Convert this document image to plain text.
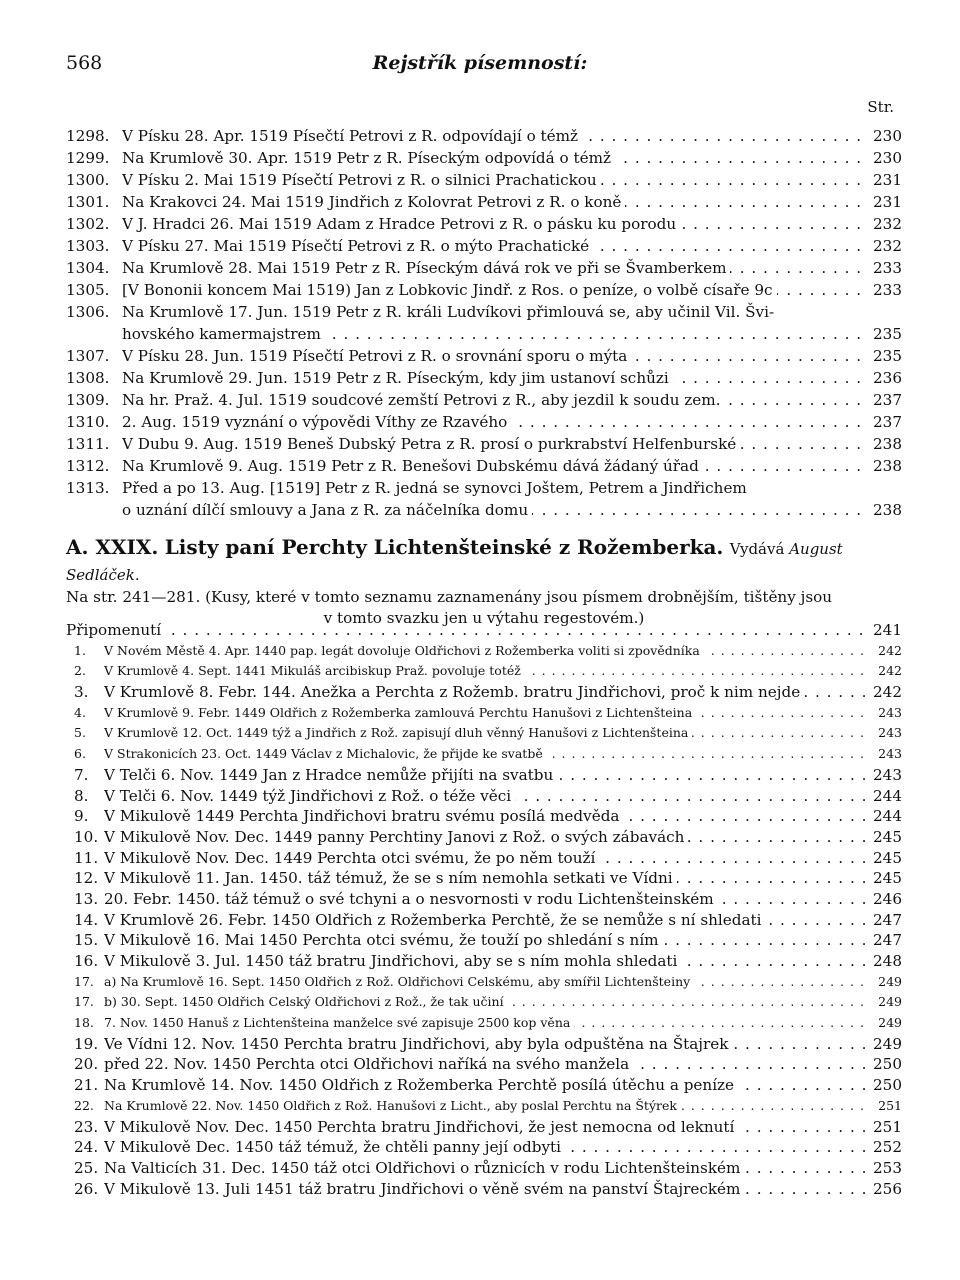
568	Rejstřík písemností:
Str.
1298. V Písku 28. Apr. 1519 Písečtí Petrovi z R. odpovídají o témž . . .	230
1299. Na Krumlově 30. Apr. 1519 Petr z R. Píseckým odpovídá o témž . . .	230
1300. V Písku 2. Mai 1519 Písečtí Petrovi z R. o silnici Prachatickou . . .	231
1301. Na Krakovci 24. Mai 1519 Jindřich z Kolovrat Petrovi z R. o koně . . .	231
1302. V J. Hradci 26. Mai 1519 Adam z Hradce Petrovi z R. o pásku ku porodu . . .	232
1303. V Písku 27. Mai 1519 Písečtí Petrovi z R. o mýto Prachatické . . .	232
1304. Na Krumlově 28. Mai 1519 Petr z R. Píseckým dává rok ve při se Švamberkem . . .	233
1305. [V Bononii koncem Mai 1519) Jan z Lobkovic Jindř. z Ros. o peníze, o volbě císaře 9c . . .	233
1306. Na Krumlově 17. Jun. 1519 Petr z R. králi Ludvíkovi přimlouvá se, aby učinil Vil. Švi-
hovského kamermajstrem . . .	235
1307. V Písku 28. Jun. 1519 Písečtí Petrovi z R. o srovnání sporu o mýta . . .	235
1308. Na Krumlově 29. Jun. 1519 Petr z R. Píseckým, kdy jim ustanoví schůzi . . .	236
1309. Na hr. Praž. 4. Jul. 1519 soudcové zemští Petrovi z R., aby jezdil k soudu zem. . . .	237
1310. 2. Aug. 1519 vyznání o výpovědi Víthy ze Rzavého . . .	237
1311. V Dubu 9. Aug. 1519 Beneš Dubský Petra z R. prosí o purkrabství Helfenburské . . .	238
1312. Na Krumlově 9. Aug. 1519 Petr z R. Benešovi Dubskému dává žádaný úřad . . .	238
1313. Před a po 13. Aug. [1519] Petr z R. jedná se synovci Joštem, Petrem a Jindřichem
o uznání dílčí smlouvy a Jana z R. za náčelníka domu . . .	238
A. XXIX. Listy paní Perchty Lichtenšteinské z Rožemberka. Vydává August Sedláček.
Na str. 241—281. (Kusy, které v tomto seznamu zaznamenány jsou písmem drobnějším, tištěny jsou
v tomto svazku jen u výtahu regestovém.)
Připomenutí . . .	241
1.	V Novém Městě 4. Apr. 1440 pap. legát dovoluje Oldřichovi z Rožemberka voliti si zpovědníka . . .	242
2.	V Krumlově 4. Sept. 1441 Mikuláš arcibiskup Praž. povoluje totéž . . .	242
3.	V Krumlově 8. Febr. 144. Anežka a Perchta z Rožemb. bratru Jindřichovi, proč k nim nejde . . .	242
4.	V Krumlově 9. Febr. 1449 Oldřich z Rožemberka zamlouvá Perchtu Hanušovi z Lichtenšteina . . .	243
5.	V Krumlově 12. Oct. 1449 týž a Jindřich z Rož. zapisují dluh věnný Hanušovi z Lichtenšteina . . .	243
6.	V Strakonicích 23. Oct. 1449 Václav z Michalovic, že přijde ke svatbě . . .	243
7.	V Telči 6. Nov. 1449 Jan z Hradce nemůže přijíti na svatbu . . .	243
8.	V Telči 6. Nov. 1449 týž Jindřichovi z Rož. o téže věci . . .	244
9.	V Mikulově 1449 Perchta Jindřichovi bratru svému posílá medvěda . . .	244
10. V Mikulově Nov. Dec. 1449 panny Perchtiny Janovi z Rož. o svých zábavách . . .	245
11. V Mikulově Nov. Dec. 1449 Perchta otci svému, že po něm touží . . .	245
12. V Mikulově 11. Jan. 1450. táž témuž, že se s ním nemohla setkati ve Vídni . . .	245
13. 20. Febr. 1450. táž témuž o své tchyni a o nesvornosti v rodu Lichtenšteinském . . .	246
14. V Krumlově 26. Febr. 1450 Oldřich z Rožemberka Perchtě, že se nemůže s ní shledati . . .	247
15. V Mikulově 16. Mai 1450 Perchta otci svému, že touží po shledání s ním . . .	247
16. V Mikulově 3. Jul. 1450 táž bratru Jindřichovi, aby se s ním mohla shledati . . .	248
17. a) Na Krumlově 16. Sept. 1450 Oldřich z Rož. Oldřichovi Celskému, aby smířil Lichtenšteiny . . .	249
17. b) 30. Sept. 1450 Oldřich Celský Oldřichovi z Rož., že tak učiní . . .	249
18. 7. Nov. 1450 Hanuš z Lichtenšteina manželce své zapisuje 2500 kop věna . . .	249
19. Ve Vídni 12. Nov. 1450 Perchta bratru Jindřichovi, aby byla odpuštěna na Štajrek . . .	249
20. před 22. Nov. 1450 Perchta otci Oldřichovi naříká na svého manžela . . .	250
21. Na Krumlově 14. Nov. 1450 Oldřich z Rožemberka Perchtě posílá útěchu a peníze . . .	250
22. Na Krumlově 22. Nov. 1450 Oldřich z Rož. Hanušovi z Licht., aby poslal Perchtu na Štýrek . . .	251
23. V Mikulově Nov. Dec. 1450 Perchta bratru Jindřichovi, že jest nemocna od leknutí . . .	251
24. V Mikulově Dec. 1450 táž témuž, že chtěli panny její odbyti . . .	252
25. Na Valticích 31. Dec. 1450 táž otci Oldřichovi o různicích v rodu Lichtenšteinském . . .	253
26. V Mikulově 13. Juli 1451 táž bratru Jindřichovi o věně svém na panství Štajreckém . . .	256
